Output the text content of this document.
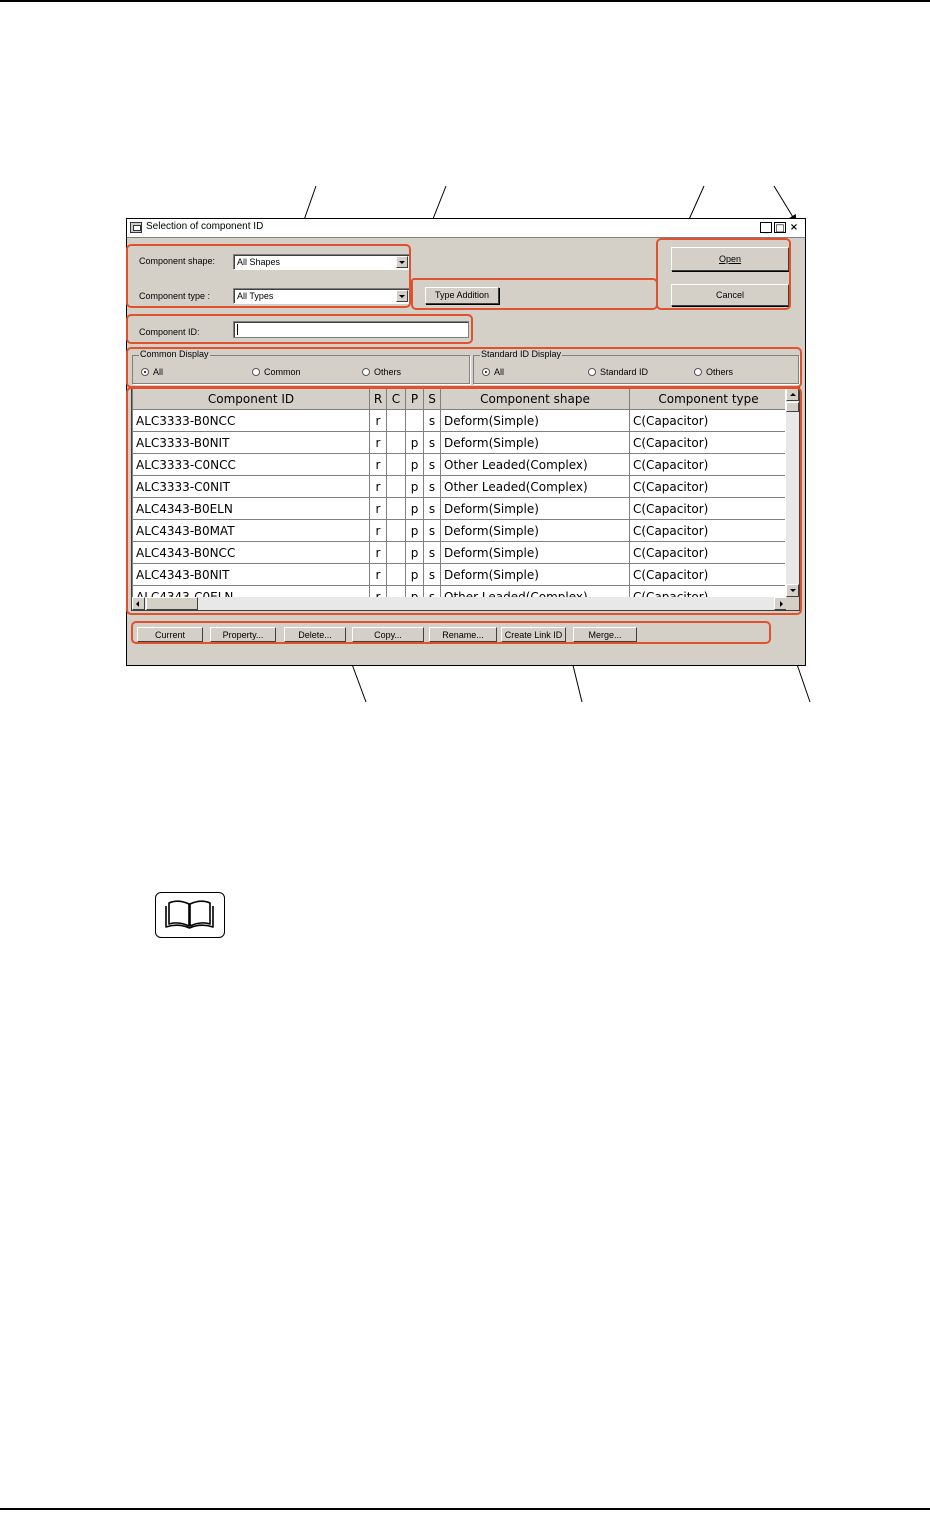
Selection of component ID	_ □ ×
Component shape: All Shapes
Component type :	All Types	Type Addition
Open
Cancel
Component ID:
Common Display
All	Common	Others
Standard ID Display
All	Standard ID	Others
Component ID	R	C	P	S	Component shape	Component type
ALC3333-B0NCC	r			s	Deform(Simple)	C(Capacitor)
ALC3333-B0NIT	r		p	s	Deform(Simple)	C(Capacitor)
ALC3333-C0NCC	r		p	s	Other Leaded(Complex)	C(Capacitor)
ALC3333-C0NIT	r		p	s	Other Leaded(Complex)	C(Capacitor)
ALC4343-B0ELN	r		p	s	Deform(Simple)	C(Capacitor)
ALC4343-B0MAT	r		p	s	Deform(Simple)	C(Capacitor)
ALC4343-B0NCC	r		p	s	Deform(Simple)	C(Capacitor)
ALC4343-B0NIT	r		p	s	Deform(Simple)	C(Capacitor)

Current	Property...	Delete...	Copy...	Rename...	Create Link ID	Merge...
